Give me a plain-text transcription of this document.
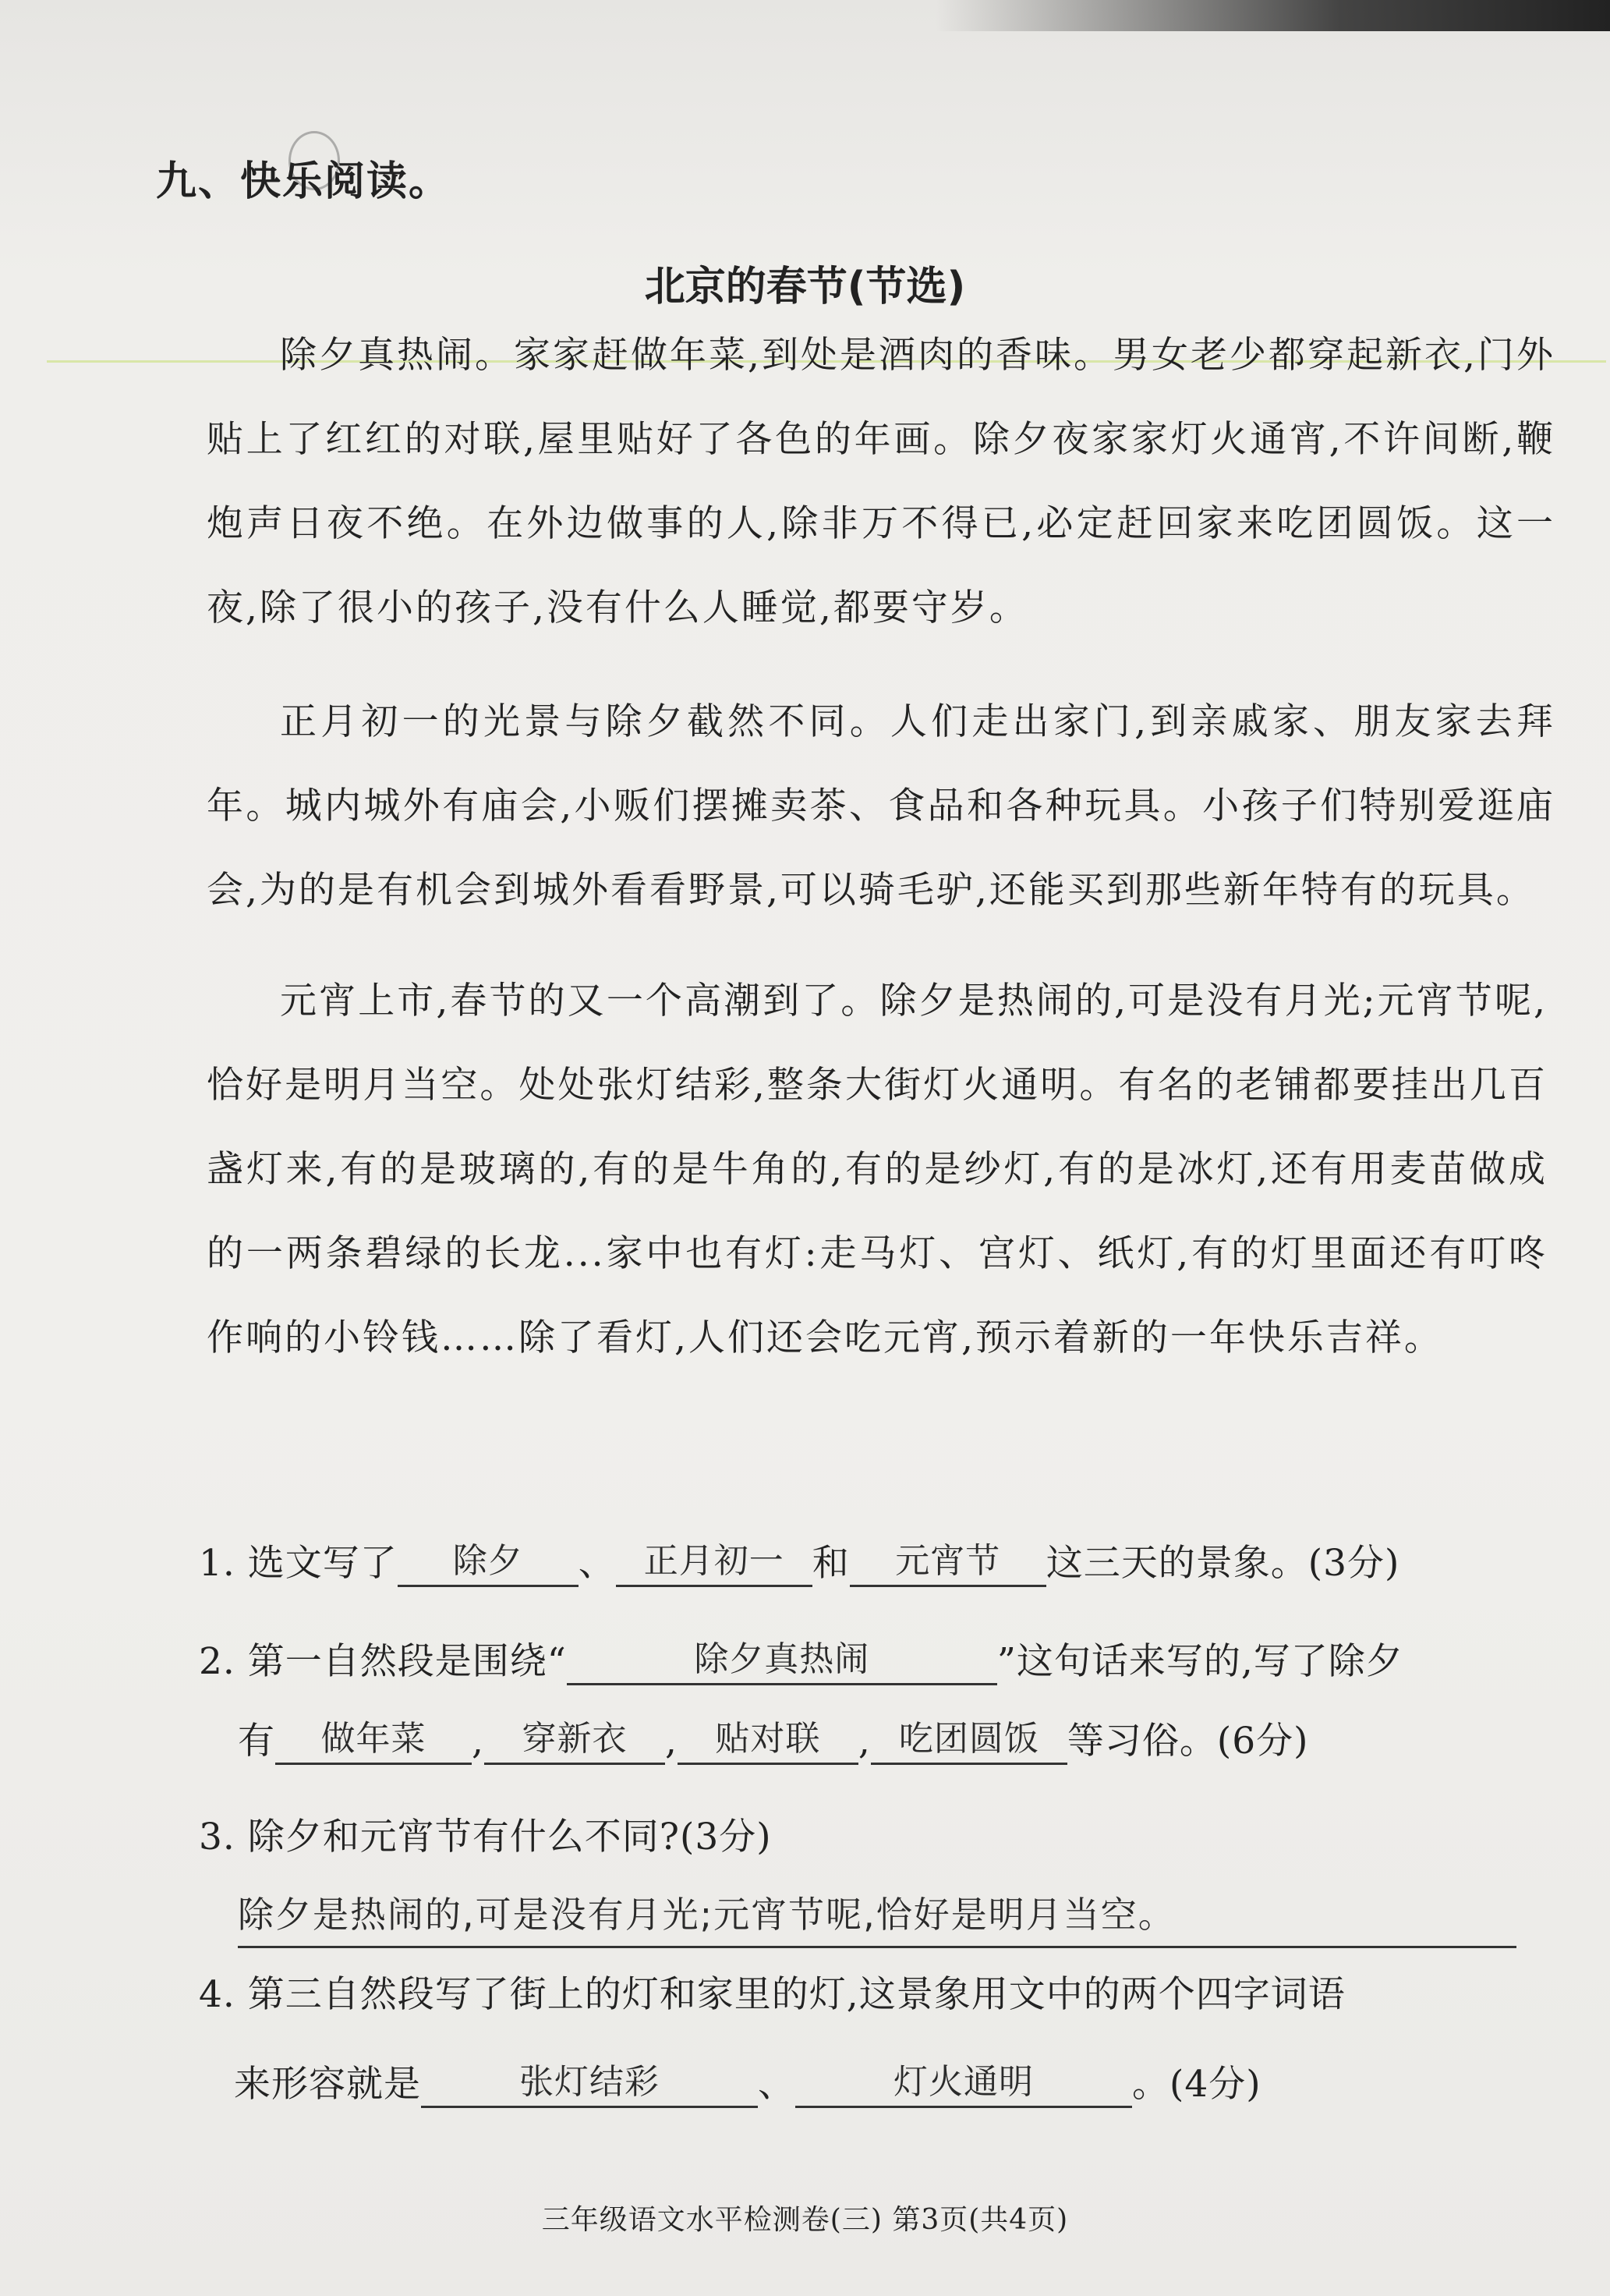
九、快乐阅读。
北京的春节(节选)
除夕真热闹。家家赶做年菜,到处是酒肉的香味。男女老少都穿起新衣,门外贴上了红红的对联,屋里贴好了各色的年画。除夕夜家家灯火通宵,不许间断,鞭炮声日夜不绝。在外边做事的人,除非万不得已,必定赶回家来吃团圆饭。这一夜,除了很小的孩子,没有什么人睡觉,都要守岁。
正月初一的光景与除夕截然不同。人们走出家门,到亲戚家、朋友家去拜年。城内城外有庙会,小贩们摆摊卖茶、食品和各种玩具。小孩子们特别爱逛庙会,为的是有机会到城外看看野景,可以骑毛驴,还能买到那些新年特有的玩具。
元宵上市,春节的又一个高潮到了。除夕是热闹的,可是没有月光;元宵节呢,恰好是明月当空。处处张灯结彩,整条大街灯火通明。有名的老铺都要挂出几百盏灯来,有的是玻璃的,有的是牛角的,有的是纱灯,有的是冰灯,还有用麦苗做成的一两条碧绿的长龙...家中也有灯:走马灯、宫灯、纸灯,有的灯里面还有叮咚作响的小铃钱……除了看灯,人们还会吃元宵,预示着新的一年快乐吉祥。
1. 选文写了 除夕 、 正月初一 和 元宵节 这三天的景象。(3分)
2. 第一自然段是围绕“	除夕真热闹	”这句话来写的,写了除夕
有 做年菜 , 穿新衣 , 贴对联 , 吃团圆饭 等习俗。(6分)
3. 除夕和元宵节有什么不同?(3分)
除夕是热闹的,可是没有月光;元宵节呢,恰好是明月当空。
4. 第三自然段写了街上的灯和家里的灯,这景象用文中的两个四字词语
来形容就是	张灯结彩	、	灯火通明	。(4分)
三年级语文水平检测卷(三) 第3页(共4页)
